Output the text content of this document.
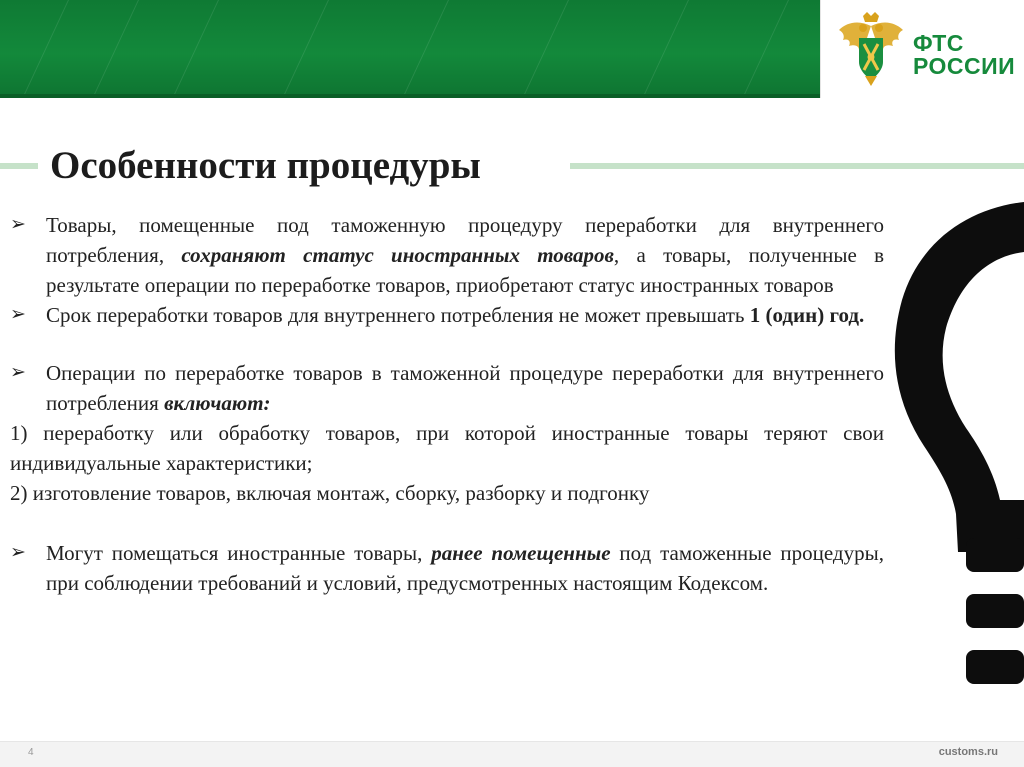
ФТС
РОССИИ
Особенности процедуры
➢ Товары, помещенные под таможенную процедуру переработки для внутреннего потребления, сохраняют статус иностранных товаров, а товары, полученные в результате операции по переработке товаров, приобретают статус иностранных товаров
➢ Срок переработки товаров для внутреннего потребления не может превышать 1 (один) год.
➢ Операции по переработке товаров в таможенной процедуре переработки для внутреннего потребления включают:
1) переработку или обработку товаров, при которой иностранные товары теряют свои индивидуальные характеристики;
2) изготовление товаров, включая монтаж, сборку, разборку и подгонку
➢ Могут помещаться иностранные товары, ранее помещенные под таможенные процедуры, при соблюдении требований и условий, предусмотренных настоящим Кодексом.
4	customs.ru
